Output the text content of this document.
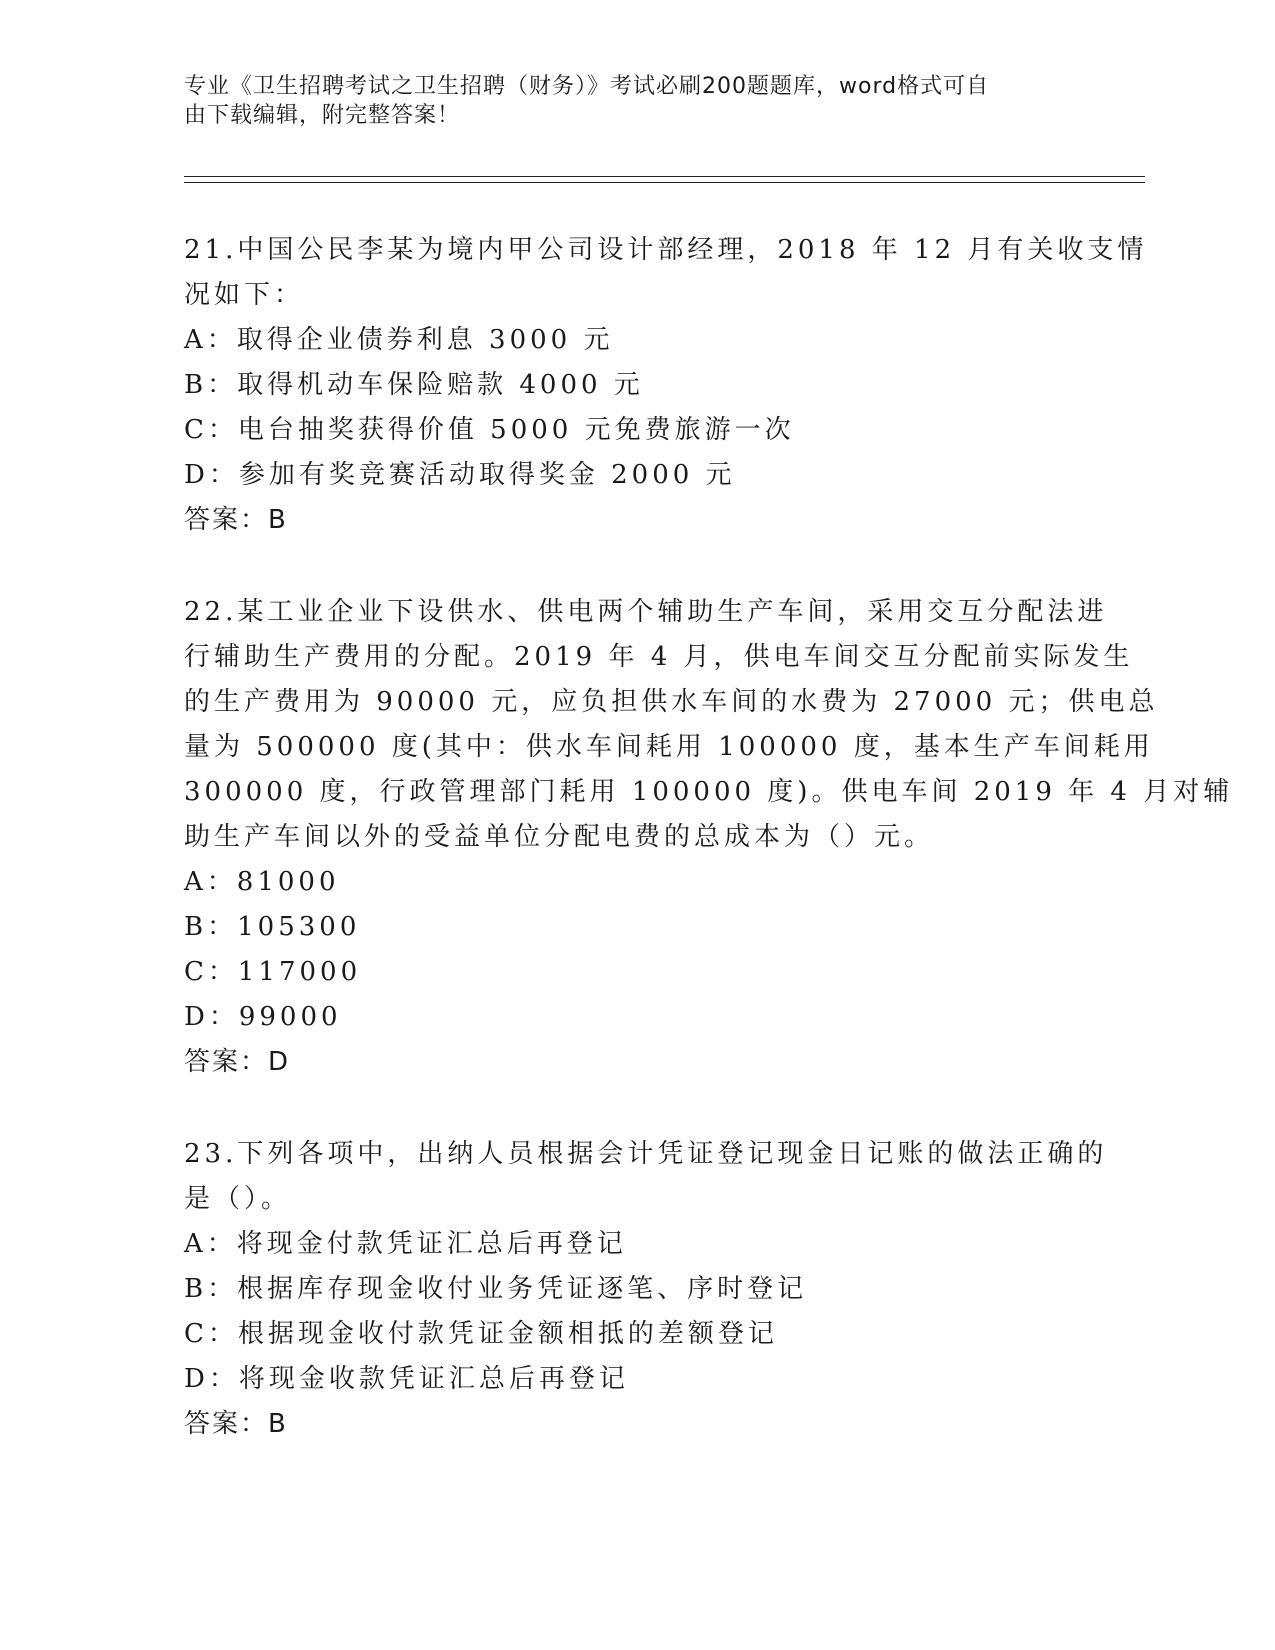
专业《卫生招聘考试之卫生招聘（财务）》考试必刷200题题库，word格式可自
由下载编辑，附完整答案！
21.中国公民李某为境内甲公司设计部经理，2018 年 12 月有关收支情
况如下：
A：取得企业债券利息 3000 元
B：取得机动车保险赔款 4000 元
C：电台抽奖获得价值 5000 元免费旅游一次
D：参加有奖竞赛活动取得奖金 2000 元
答案：B
22.某工业企业下设供水、供电两个辅助生产车间，采用交互分配法进
行辅助生产费用的分配。2019 年 4 月，供电车间交互分配前实际发生
的生产费用为 90000 元，应负担供水车间的水费为 27000 元；供电总
量为 500000 度(其中：供水车间耗用 100000 度，基本生产车间耗用
300000 度，行政管理部门耗用 100000 度)。供电车间 2019 年 4 月对辅
助生产车间以外的受益单位分配电费的总成本为（）元。
A：81000
B：105300
C：117000
D：99000
答案：D
23.下列各项中，出纳人员根据会计凭证登记现金日记账的做法正确的
是（）。
A：将现金付款凭证汇总后再登记
B：根据库存现金收付业务凭证逐笔、序时登记
C：根据现金收付款凭证金额相抵的差额登记
D：将现金收款凭证汇总后再登记
答案：B
